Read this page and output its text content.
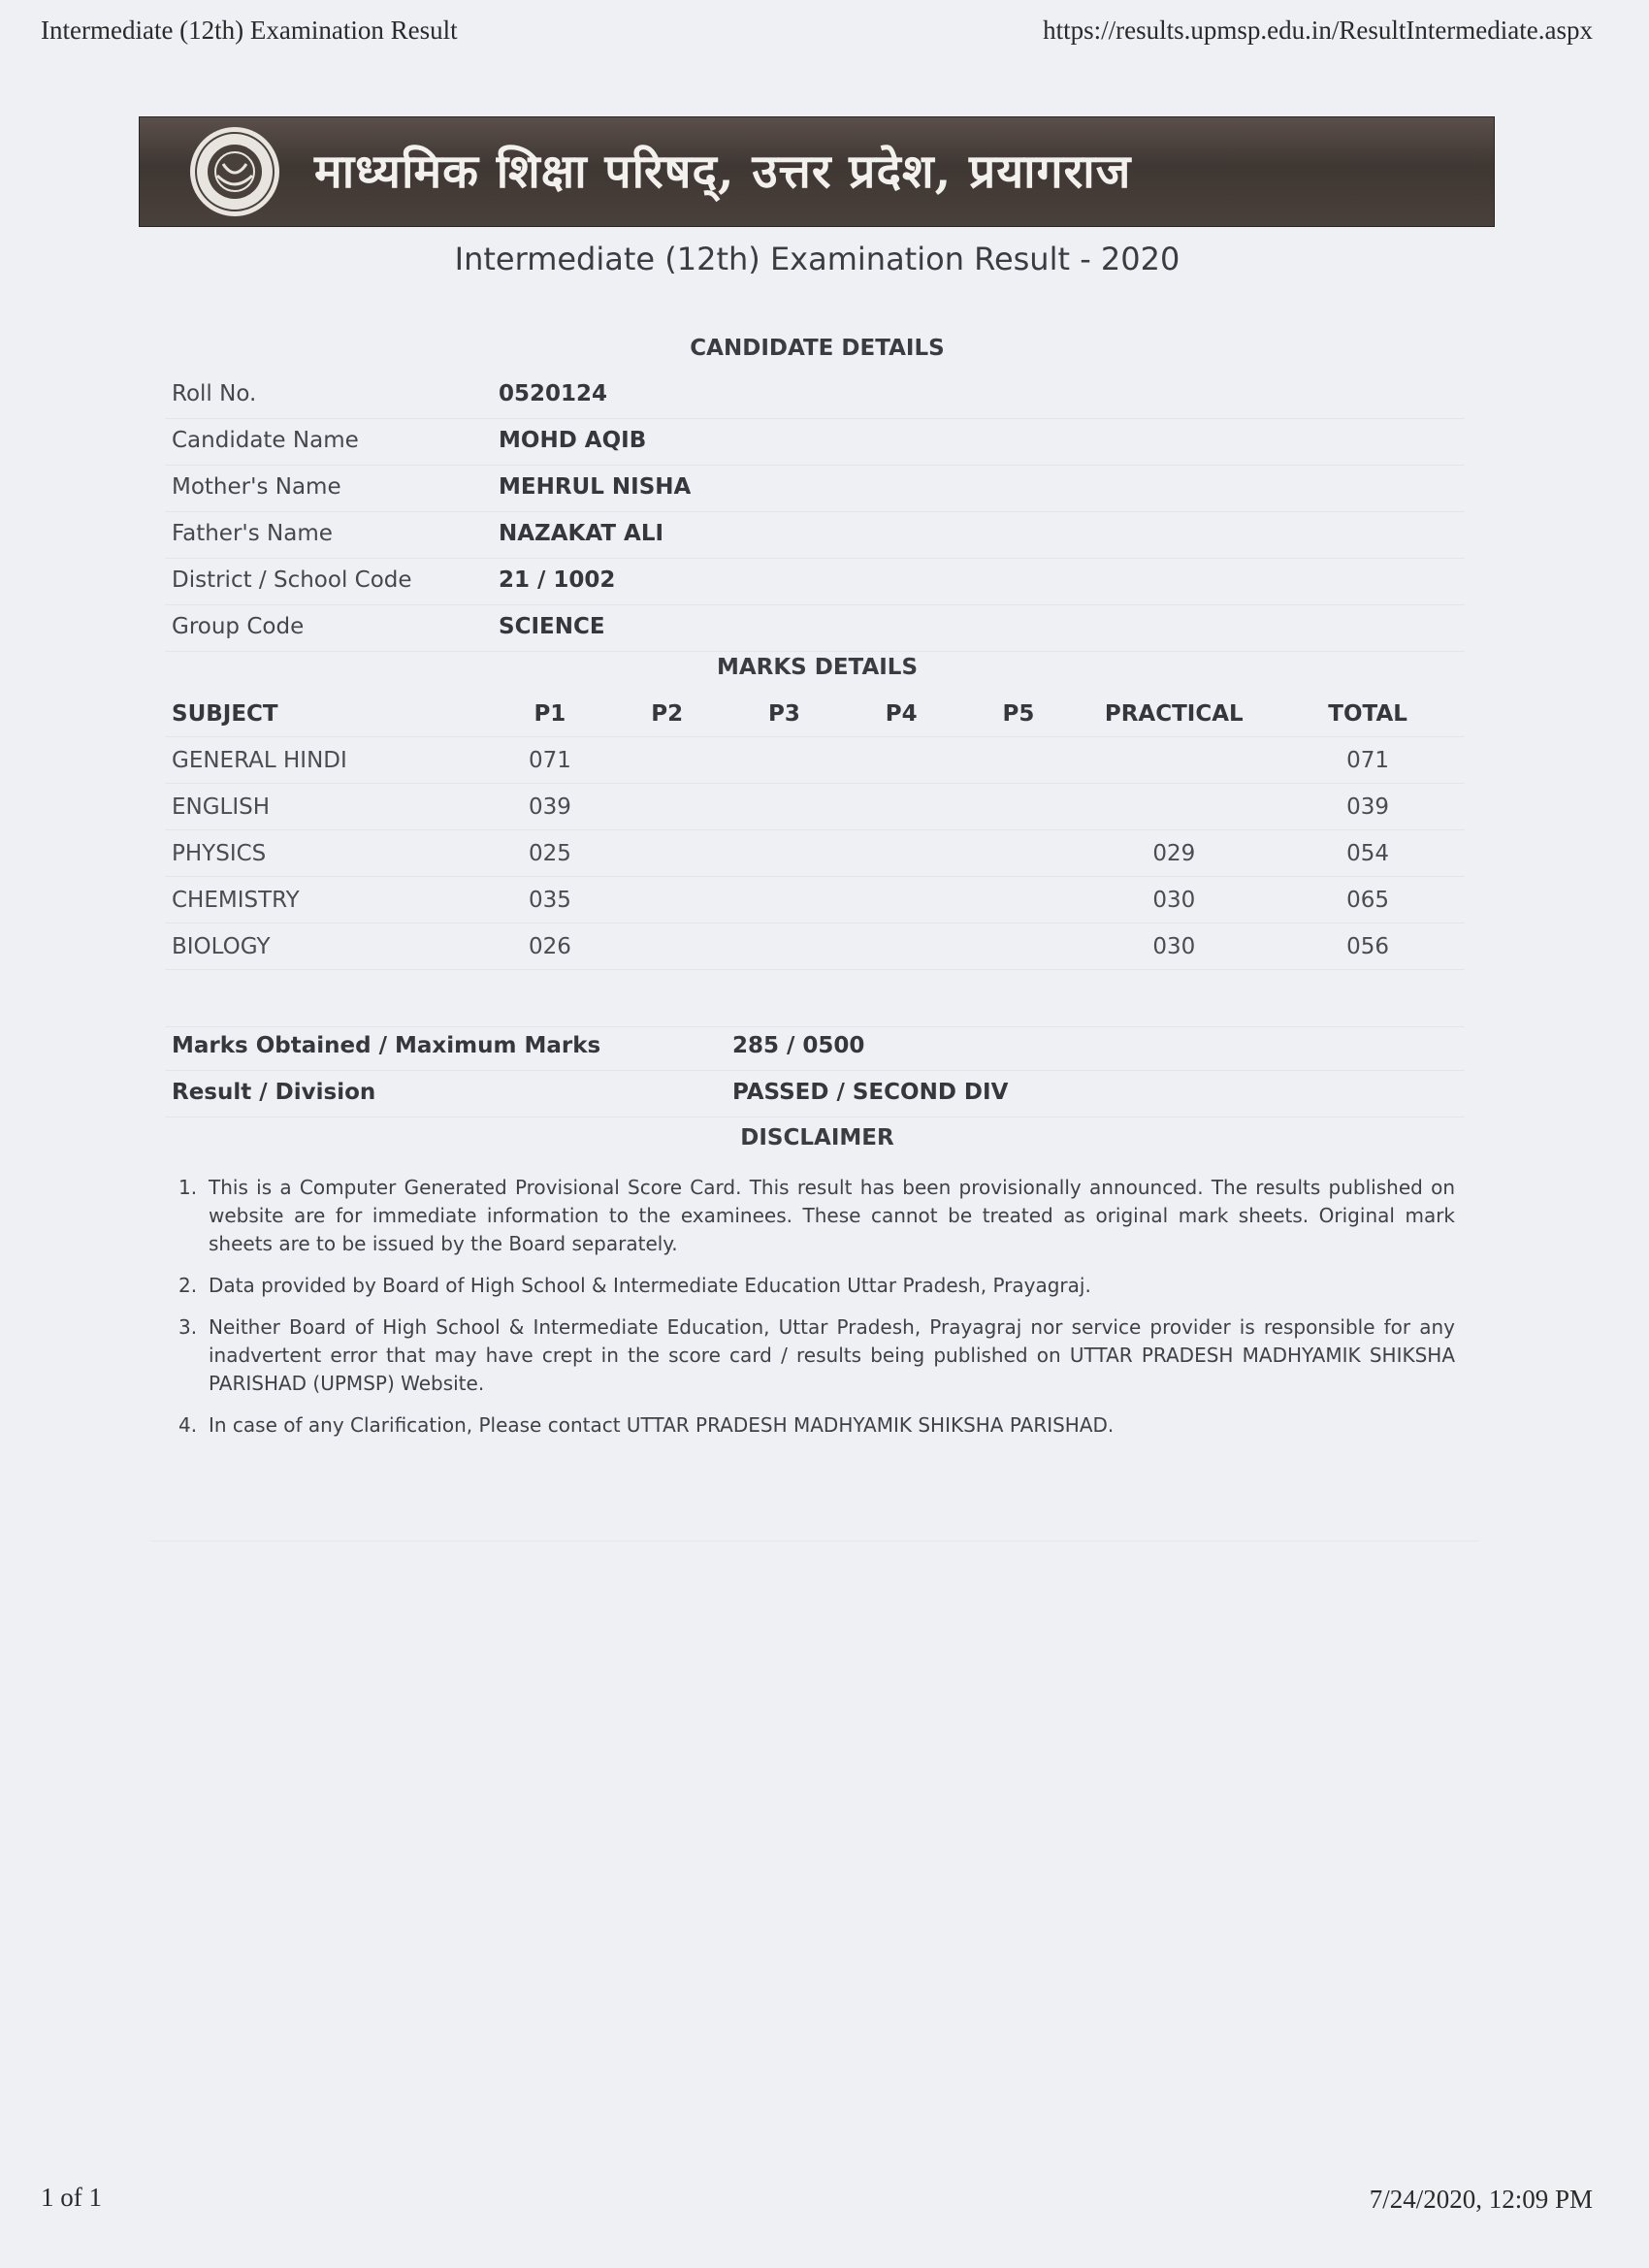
Intermediate (12th) Examination Result	https://results.upmsp.edu.in/ResultIntermediate.aspx
माध्यमिक शिक्षा परिषद्, उत्तर प्रदेश, प्रयागराज
Intermediate (12th) Examination Result - 2020
CANDIDATE DETAILS
Roll No.	0520124
Candidate Name	MOHD AQIB
Mother's Name	MEHRUL NISHA
Father's Name	NAZAKAT ALI
District / School Code	21 / 1002
Group Code	SCIENCE
MARKS DETAILS
SUBJECT	P1	P2	P3	P4	P5	PRACTICAL	TOTAL
GENERAL HINDI	071						071
ENGLISH	039						039
PHYSICS	025					029	054
CHEMISTRY	035					030	065
BIOLOGY	026					030	056

Marks Obtained / Maximum Marks	285 / 0500
Result / Division	PASSED / SECOND DIV
DISCLAIMER
1. This is a Computer Generated Provisional Score Card. This result has been provisionally announced. The results published on website are for immediate information to the examinees. These cannot be treated as original mark sheets. Original mark sheets are to be issued by the Board separately.
2. Data provided by Board of High School & Intermediate Education Uttar Pradesh, Prayagraj.
3. Neither Board of High School & Intermediate Education, Uttar Pradesh, Prayagraj nor service provider is responsible for any inadvertent error that may have crept in the score card / results being published on UTTAR PRADESH MADHYAMIK SHIKSHA PARISHAD (UPMSP) Website.
4. In case of any Clarification, Please contact UTTAR PRADESH MADHYAMIK SHIKSHA PARISHAD.
1 of 1	7/24/2020, 12:09 PM
